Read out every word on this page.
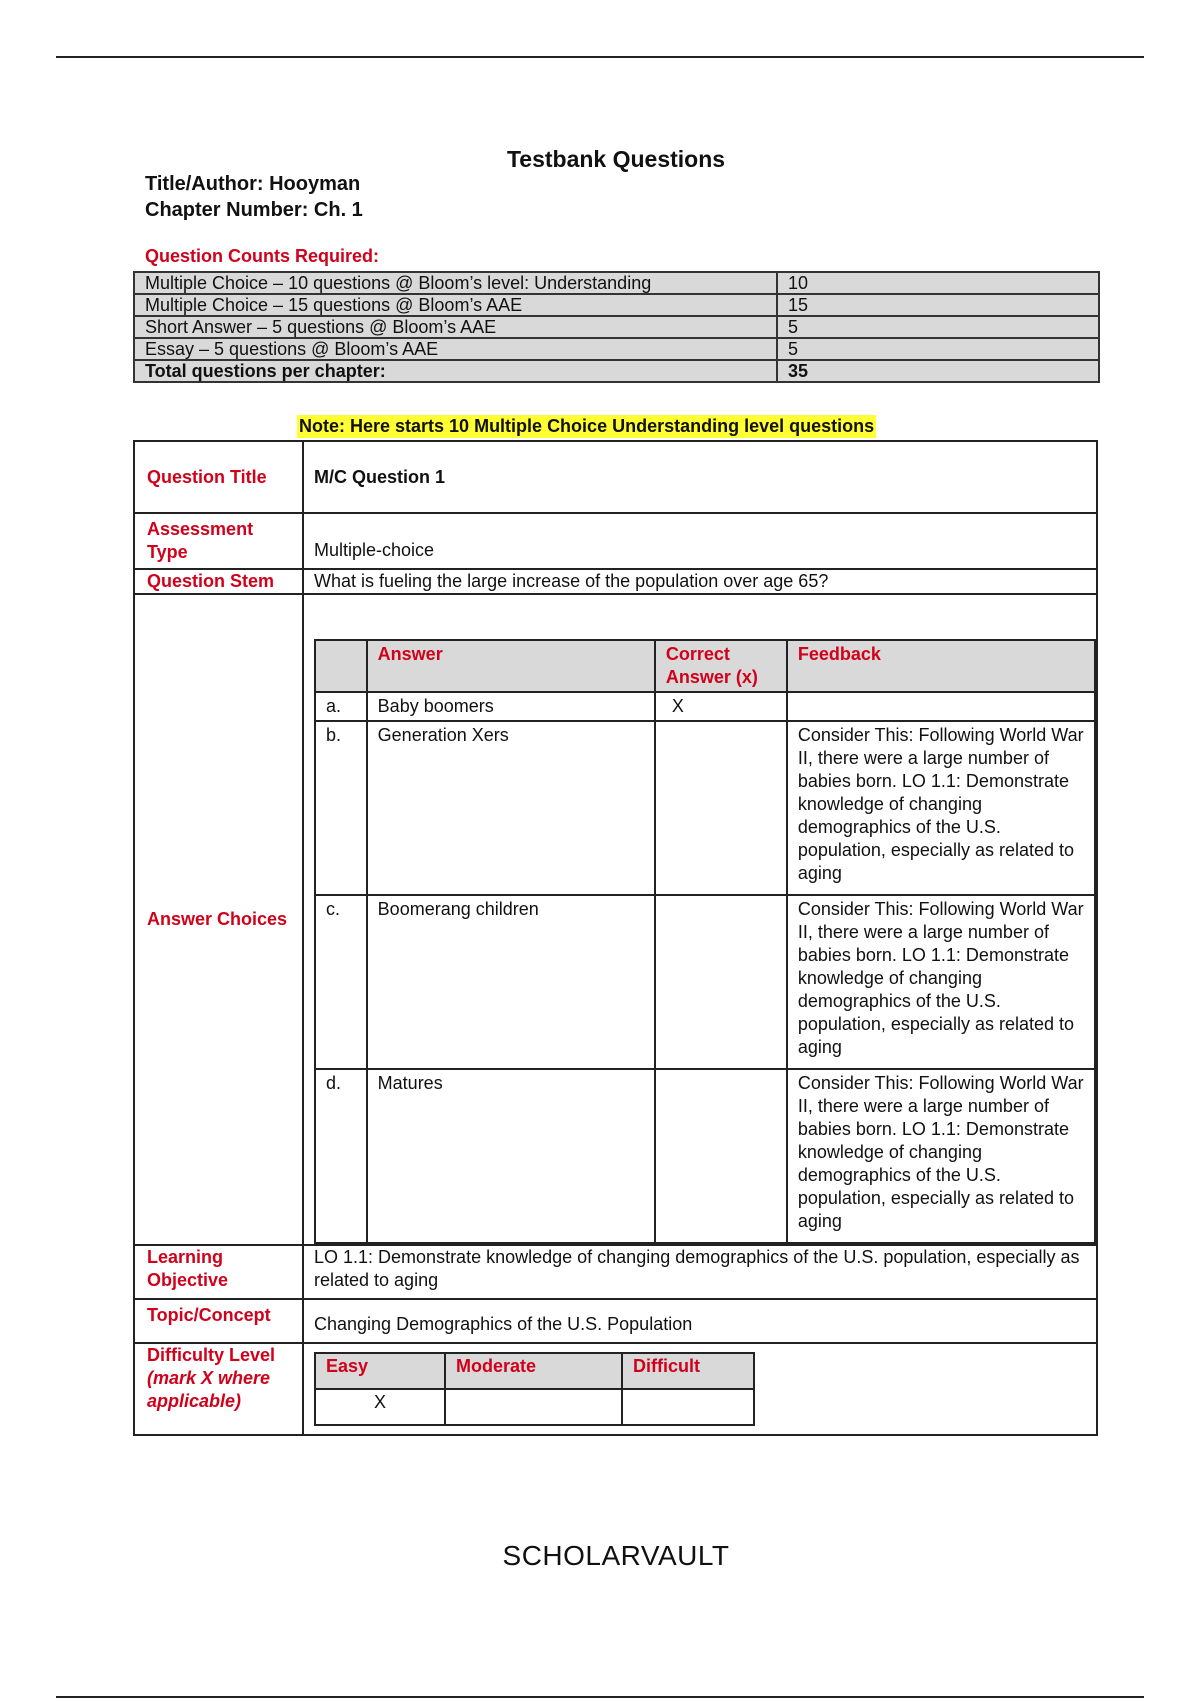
Testbank Questions
Title/Author: Hooyman
Chapter Number: Ch. 1
Question Counts Required:
Multiple Choice – 10 questions @ Bloom’s level: Understanding	10
Multiple Choice – 15 questions @ Bloom’s AAE	15
Short Answer – 5 questions @ Bloom’s AAE	5
Essay – 5 questions @ Bloom’s AAE	5
Total questions per chapter:	35
Note: Here starts 10 Multiple Choice Understanding level questions
Question Title	M/C Question 1
Assessment Type	Multiple-choice
Question Stem	What is fueling the large increase of the population over age 65?
Answer Choices	
	Answer	Correct Answer (x)	Feedback
a.	Baby boomers	X	
b.	Generation Xers		Consider This: Following World War II, there were a large number of babies born. LO 1.1: Demonstrate knowledge of changing demographics of the U.S. population, especially as related to aging
c.	Boomerang children		Consider This: Following World War II, there were a large number of babies born. LO 1.1: Demonstrate knowledge of changing demographics of the U.S. population, especially as related to aging
d.	Matures		Consider This: Following World War II, there were a large number of babies born. LO 1.1: Demonstrate knowledge of changing demographics of the U.S. population, especially as related to aging

Learning Objective	LO 1.1: Demonstrate knowledge of changing demographics of the U.S. population, especially as related to aging
Topic/Concept	Changing Demographics of the U.S. Population

Difficulty Level
(mark X where applicable)

Easy	Moderate	Difficult
X		
SCHOLARVAULT
